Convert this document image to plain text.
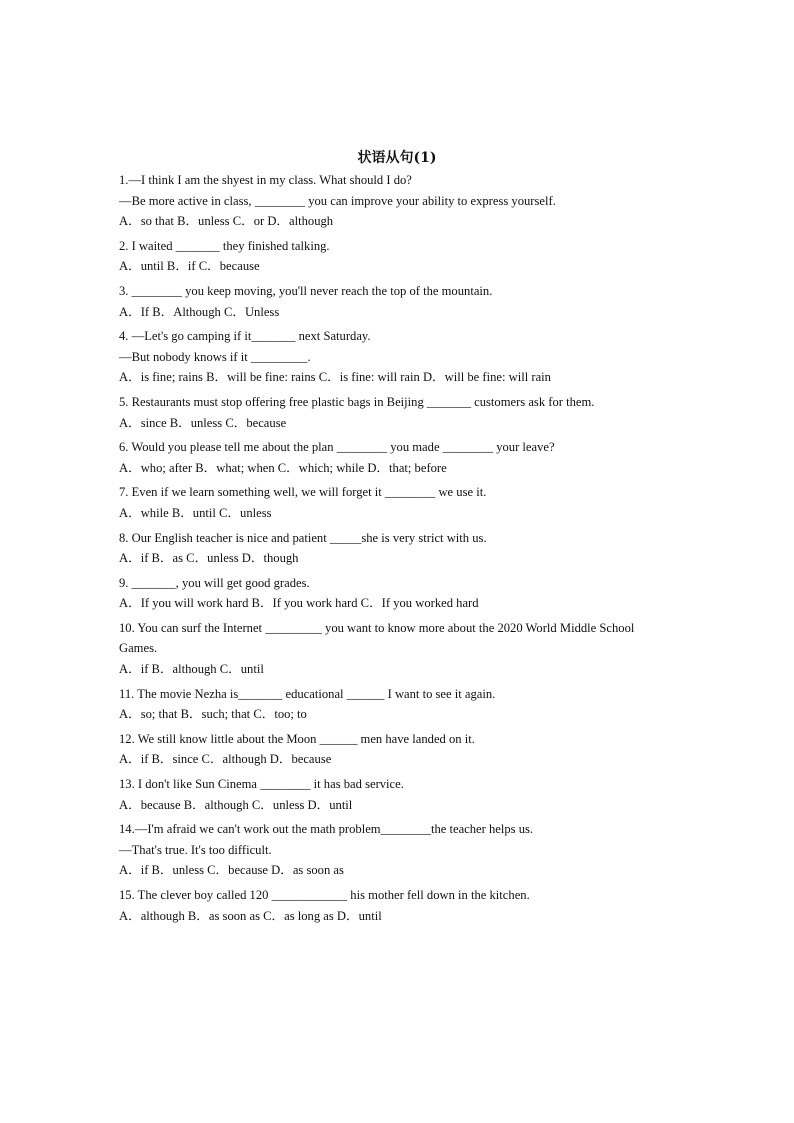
状语从句(1)
1.—I think I am the shyest in my class. What should I do?
—Be more active in class, ________ you can improve your ability to express yourself.
A．so that B．unless C．or D．although
2. I waited _______ they finished talking.
A．until B．if C．because
3. ________ you keep moving, you'll never reach the top of the mountain.
A．If B．Although C．Unless
4. —Let's go camping if it_______ next Saturday.
—But nobody knows if it _________.
A．is fine; rains B．will be fine: rains C．is fine: will rain D．will be fine: will rain
5. Restaurants must stop offering free plastic bags in Beijing _______ customers ask for them.
A．since B．unless C．because
6. Would you please tell me about the plan ________ you made ________ your leave?
A．who; after B．what; when C．which; while D．that; before
7. Even if we learn something well, we will forget it ________ we use it.
A．while B．until C．unless
8. Our English teacher is nice and patient _____she is very strict with us.
A．if B．as C．unless D．though
9. _______, you will get good grades.
A．If you will work hard B．If you work hard C．If you worked hard
10. You can surf the Internet _________ you want to know more about the 2020 World Middle School Games.
A．if B．although C．until
11. The movie Nezha is_______ educational ______ I want to see it again.
A．so; that B．such; that C．too; to
12. We still know little about the Moon ______ men have landed on it.
A．if B．since C．although D．because
13. I don't like Sun Cinema ________ it has bad service.
A．because B．although C．unless D．until
14.—I'm afraid we can't work out the math problem________the teacher helps us.
—That's true. It's too difficult.
A．if B．unless C．because D．as soon as
15. The clever boy called 120 ____________ his mother fell down in the kitchen.
A．although B．as soon as C．as long as D．until
